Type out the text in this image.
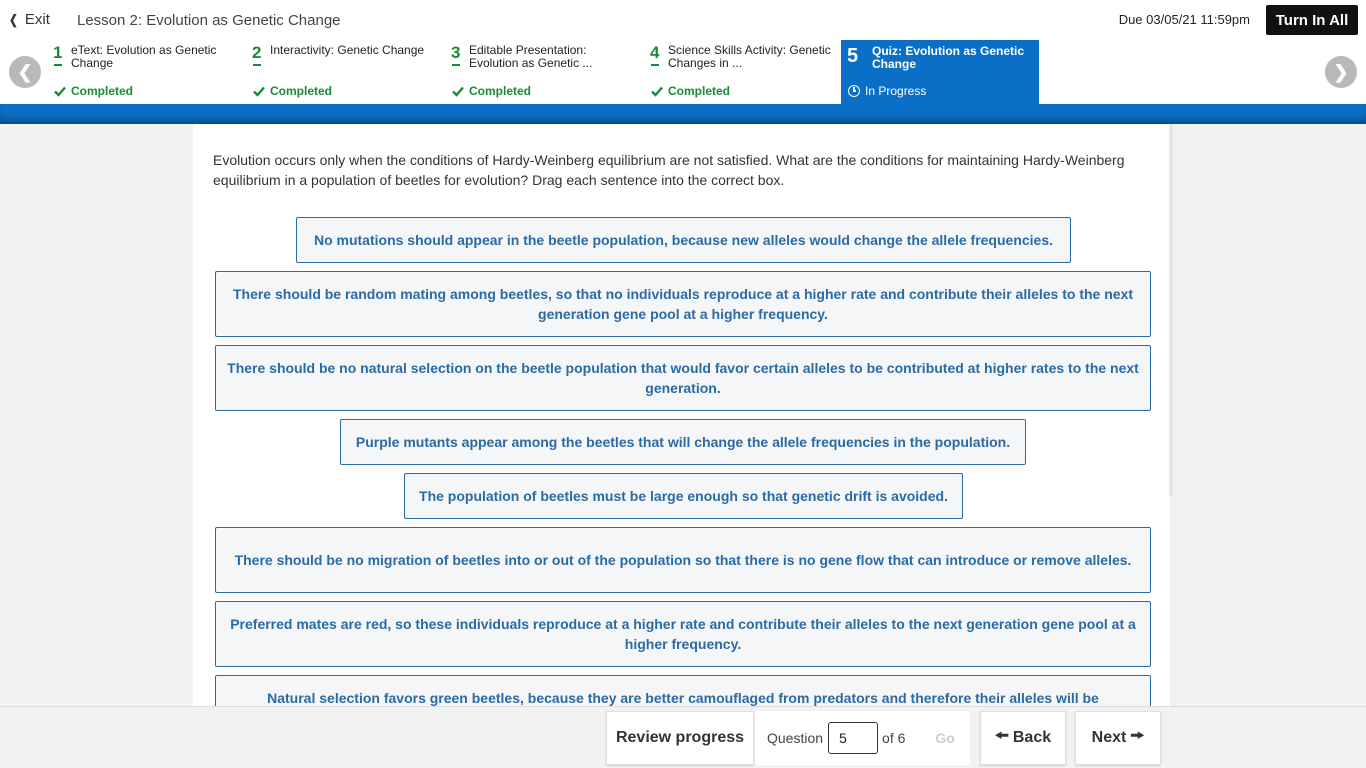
❮ Exit Lesson 2: Evolution as Genetic Change	Due 03/05/21 11:59pm	Turn In All
❮
1 eText: Evolution as Genetic Change
Completed
2 Interactivity: Genetic Change
Completed
3 Editable Presentation: Evolution as Genetic ...
Completed
4 Science Skills Activity: Genetic Changes in ...
Completed
5 Quiz: Evolution as Genetic Change
In Progress
❯

Evolution occurs only when the conditions of Hardy-Weinberg equilibrium are not satisfied. What are the conditions for maintaining Hardy-Weinberg equilibrium in a population of beetles for evolution? Drag each sentence into the correct box.

No mutations should appear in the beetle population, because new alleles would change the allele frequencies.
There should be random mating among beetles, so that no individuals reproduce at a higher rate and contribute their alleles to the next generation gene pool at a higher frequency.
There should be no natural selection on the beetle population that would favor certain alleles to be contributed at higher rates to the next generation.
Purple mutants appear among the beetles that will change the allele frequencies in the population.
The population of beetles must be large enough so that genetic drift is avoided.
There should be no migration of beetles into or out of the population so that there is no gene flow that can introduce or remove alleles.
Preferred mates are red, so these individuals reproduce at a higher rate and contribute their alleles to the next generation gene pool at a higher frequency.
Natural selection favors green beetles, because they are better camouflaged from predators and therefore their alleles will be
Review progress	Question
5	of 6 Go	🠘 Back	Next 🠚
